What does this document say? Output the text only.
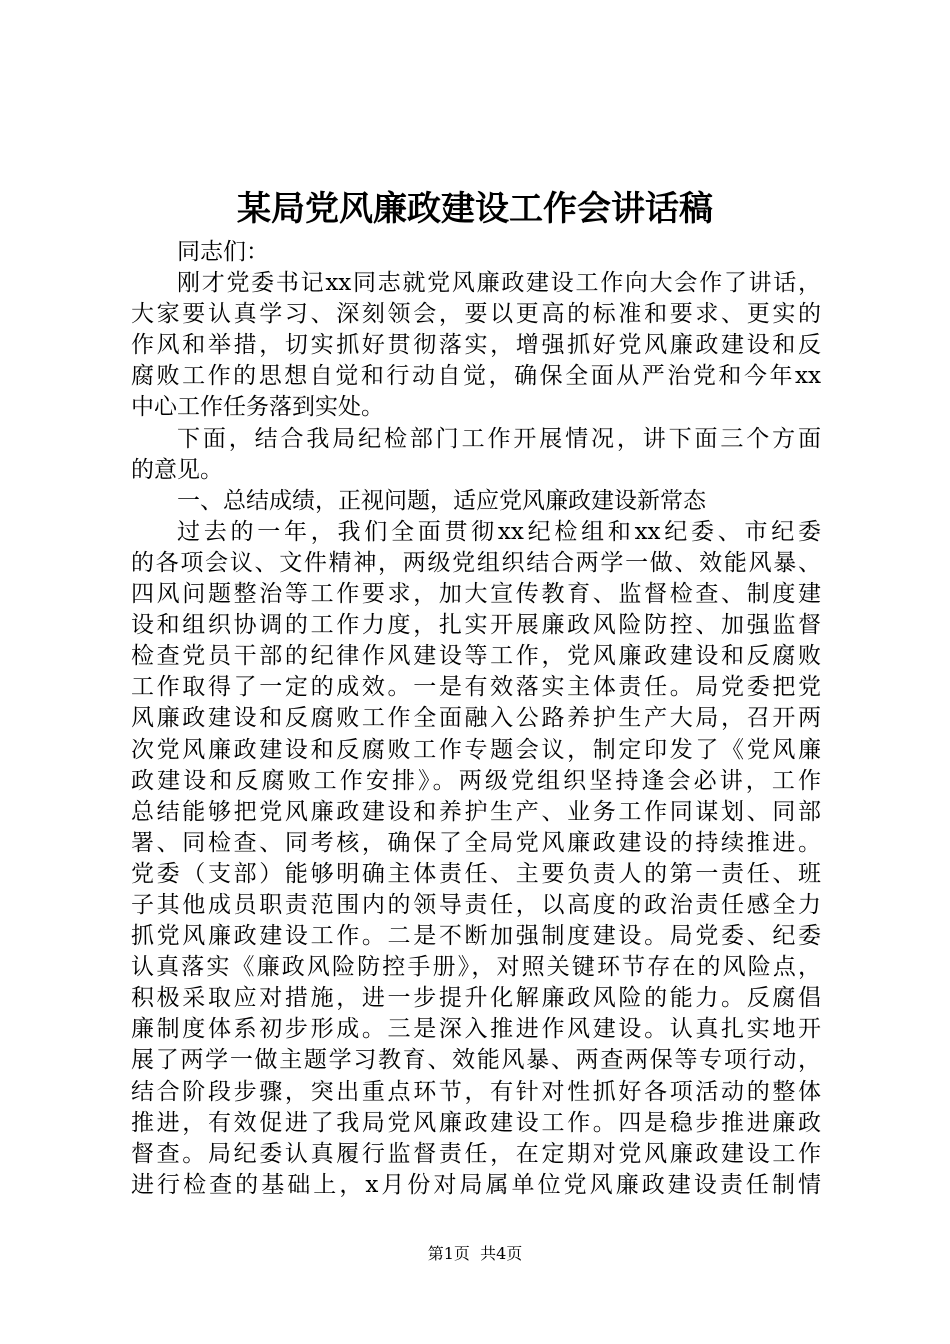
某局党风廉政建设工作会讲话稿
同志们：
刚才党委书记xx同志就党风廉政建设工作向大会作了讲话，
大家要认真学习、深刻领会，要以更高的标准和要求、更实的
作风和举措，切实抓好贯彻落实，增强抓好党风廉政建设和反
腐败工作的思想自觉和行动自觉，确保全面从严治党和今年xx
中心工作任务落到实处。
下面，结合我局纪检部门工作开展情况，讲下面三个方面
的意见。
一、总结成绩，正视问题，适应党风廉政建设新常态
过去的一年，我们全面贯彻xx纪检组和xx纪委、市纪委
的各项会议、文件精神，两级党组织结合两学一做、效能风暴、
四风问题整治等工作要求，加大宣传教育、监督检查、制度建
设和组织协调的工作力度，扎实开展廉政风险防控、加强监督
检查党员干部的纪律作风建设等工作，党风廉政建设和反腐败
工作取得了一定的成效。一是有效落实主体责任。局党委把党
风廉政建设和反腐败工作全面融入公路养护生产大局，召开两
次党风廉政建设和反腐败工作专题会议，制定印发了《党风廉
政建设和反腐败工作安排》。两级党组织坚持逢会必讲，工作
总结能够把党风廉政建设和养护生产、业务工作同谋划、同部
署、同检查、同考核，确保了全局党风廉政建设的持续推进。
党委（支部）能够明确主体责任、主要负责人的第一责任、班
子其他成员职责范围内的领导责任，以高度的政治责任感全力
抓党风廉政建设工作。二是不断加强制度建设。局党委、纪委
认真落实《廉政风险防控手册》，对照关键环节存在的风险点，
积极采取应对措施，进一步提升化解廉政风险的能力。反腐倡
廉制度体系初步形成。三是深入推进作风建设。认真扎实地开
展了两学一做主题学习教育、效能风暴、两查两保等专项行动，
结合阶段步骤，突出重点环节，有针对性抓好各项活动的整体
推进，有效促进了我局党风廉政建设工作。四是稳步推进廉政
督查。局纪委认真履行监督责任，在定期对党风廉政建设工作
进行检查的基础上，x月份对局属单位党风廉政建设责任制情
第1页  共4页
